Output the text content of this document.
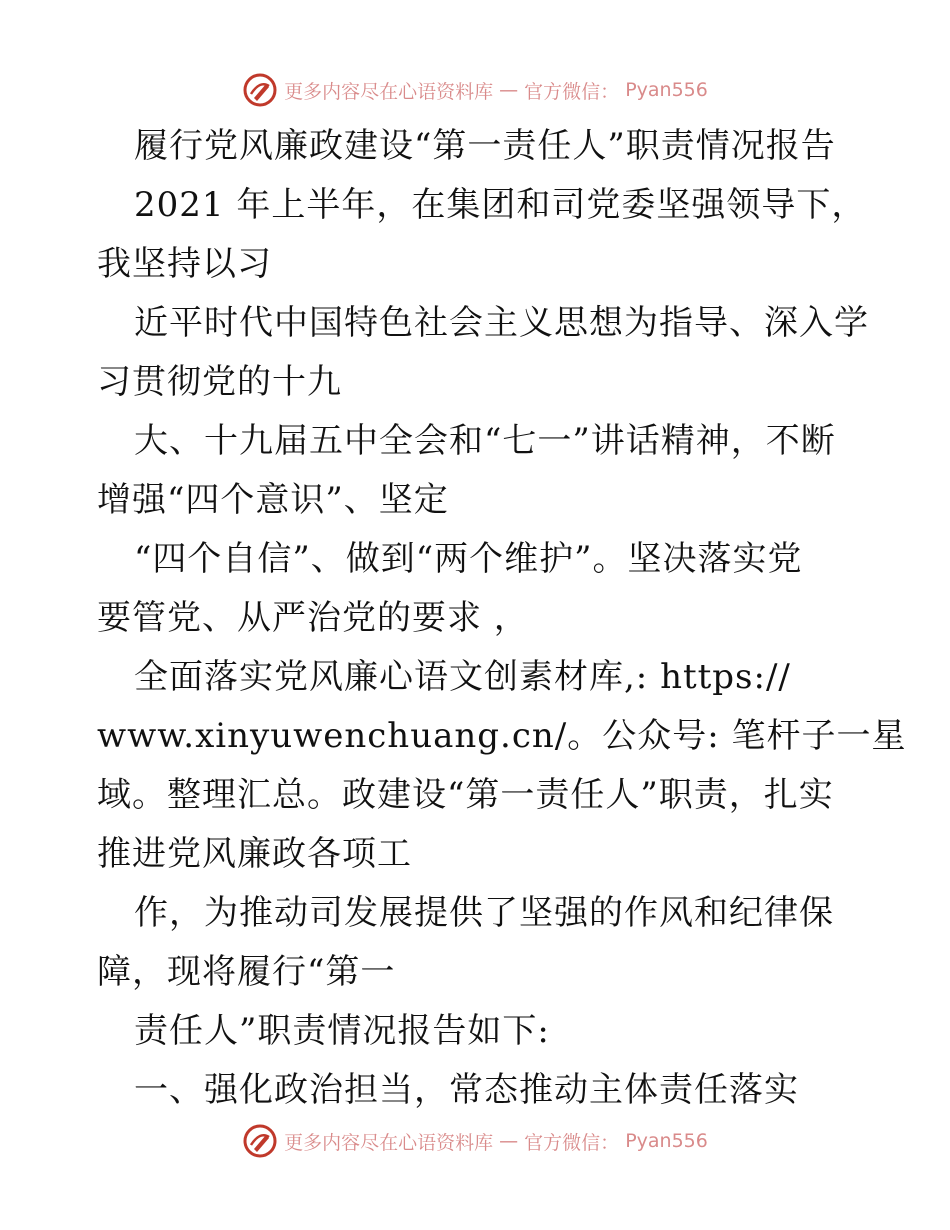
更多内容尽在心语资料库 — 官方微信： Pyan556
履行党风廉政建设“第一责任人”职责情况报告
2021 年上半年，在集团和司党委坚强领导下，
我坚持以习
近平时代中国特色社会主义思想为指导、深入学
习贯彻党的十九
大、十九届五中全会和“七一”讲话精神，不断
增强“四个意识”、坚定
“四个自信”、做到“两个维护”。坚决落实党
要管党、从严治党的要求 ，
全面落实党风廉心语文创素材库,: https://
www.xinyuwenchuang.cn/。公众号: 笔杆子一星
域。整理汇总。政建设“第一责任人”职责，扎实
推进党风廉政各项工
作，为推动司发展提供了坚强的作风和纪律保
障，现将履行“第一
责任人”职责情况报告如下:
一、强化政治担当，常态推动主体责任落实
更多内容尽在心语资料库 — 官方微信： Pyan556
